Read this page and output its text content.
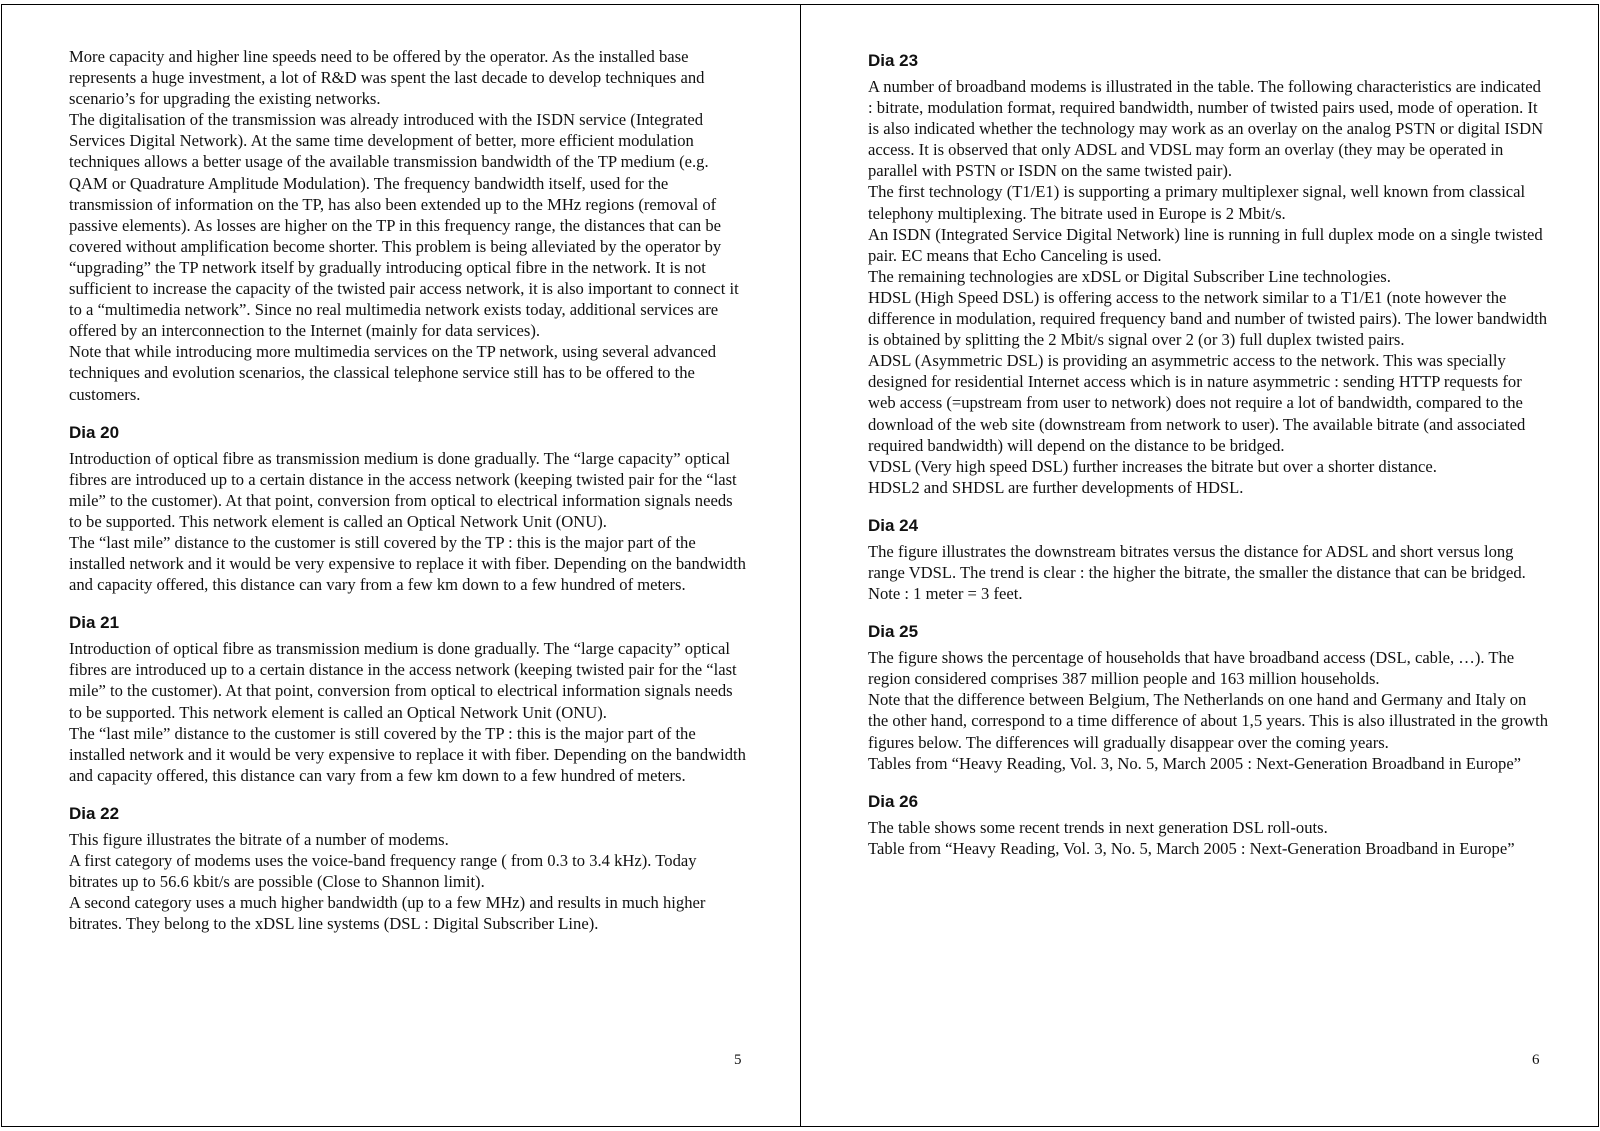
More capacity and higher line speeds need to be offered by the operator. As the installed base represents a huge investment, a lot of R&D was spent the last decade to develop techniques and scenario’s for upgrading the existing networks.

The digitalisation of the transmission was already introduced with the ISDN service (Integrated Services Digital Network). At the same time development of better, more efficient modulation techniques allows a better usage of the available transmission bandwidth of the TP medium (e.g. QAM or Quadrature Amplitude Modulation). The frequency bandwidth itself, used for the transmission of information on the TP, has also been extended up to the MHz regions (removal of passive elements). As losses are higher on the TP in this frequency range, the distances that can be covered without amplification become shorter. This problem is being alleviated by the operator by “upgrading” the TP network itself by gradually introducing optical fibre in the network. It is not sufficient to increase the capacity of the twisted pair access network, it is also important to connect it to a “multimedia network”. Since no real multimedia network exists today, additional services are offered by an interconnection to the Internet (mainly for data services).

Note that while introducing more multimedia services on the TP network, using several advanced techniques and evolution scenarios, the classical telephone service still has to be offered to the customers.

Dia 20

Introduction of optical fibre as transmission medium is done gradually. The “large capacity” optical fibres are introduced up to a certain distance in the access network (keeping twisted pair for the “last mile” to the customer). At that point, conversion from optical to electrical information signals needs to be supported. This network element is called an Optical Network Unit (ONU).

The “last mile” distance to the customer is still covered by the TP : this is the major part of the installed network and it would be very expensive to replace it with fiber. Depending on the bandwidth and capacity offered, this distance can vary from a few km down to a few hundred of meters.

Dia 21

Introduction of optical fibre as transmission medium is done gradually. The “large capacity” optical fibres are introduced up to a certain distance in the access network (keeping twisted pair for the “last mile” to the customer). At that point, conversion from optical to electrical information signals needs to be supported. This network element is called an Optical Network Unit (ONU).

The “last mile” distance to the customer is still covered by the TP : this is the major part of the installed network and it would be very expensive to replace it with fiber. Depending on the bandwidth and capacity offered, this distance can vary from a few km down to a few hundred of meters.

Dia 22

This figure illustrates the bitrate of a number of modems.

A first category of modems uses the voice-band frequency range ( from 0.3 to 3.4 kHz). Today bitrates up to 56.6 kbit/s are possible (Close to Shannon limit).

A second category uses a much higher bandwidth (up to a few MHz) and results in much higher bitrates. They belong to the xDSL line systems (DSL : Digital Subscriber Line).

5
Dia 23

A number of broadband modems is illustrated in the table. The following characteristics are indicated : bitrate, modulation format, required bandwidth, number of twisted pairs used, mode of operation. It is also indicated whether the technology may work as an overlay on the analog PSTN or digital ISDN access. It is observed that only ADSL and VDSL may form an overlay (they may be operated in parallel with PSTN or ISDN on the same twisted pair).

The first technology (T1/E1) is supporting a primary multiplexer signal, well known from classical telephony multiplexing. The bitrate used in Europe is 2 Mbit/s.

An ISDN (Integrated Service Digital Network) line is running in full duplex mode on a single twisted pair. EC means that Echo Canceling is used.

The remaining technologies are xDSL or Digital Subscriber Line technologies.

HDSL (High Speed DSL) is offering access to the network similar to a T1/E1 (note however the difference in modulation, required frequency band and number of twisted pairs). The lower bandwidth is obtained by splitting the 2 Mbit/s signal over 2 (or 3) full duplex twisted pairs.

ADSL (Asymmetric DSL) is providing an asymmetric access to the network. This was specially designed for residential Internet access which is in nature asymmetric : sending HTTP requests for web access (=upstream from user to network) does not require a lot of bandwidth, compared to the download of the web site (downstream from network to user). The available bitrate (and associated required bandwidth) will depend on the distance to be bridged.

VDSL (Very high speed DSL) further increases the bitrate but over a shorter distance.

HDSL2 and SHDSL are further developments of HDSL.

Dia 24

The figure illustrates the downstream bitrates versus the distance for ADSL and short versus long range VDSL. The trend is clear : the higher the bitrate, the smaller the distance that can be bridged. Note : 1 meter = 3 feet.

Dia 25

The figure shows the percentage of households that have broadband access (DSL, cable, …). The region considered comprises 387 million people and 163 million households.

Note that the difference between Belgium, The Netherlands on one hand and Germany and Italy on the other hand, correspond to a time difference of about 1,5 years. This is also illustrated in the growth figures below. The differences will gradually disappear over the coming years.

Tables from “Heavy Reading, Vol. 3, No. 5, March 2005 : Next-Generation Broadband in Europe”

Dia 26

The table shows some recent trends in next generation DSL roll-outs.

Table from “Heavy Reading, Vol. 3, No. 5, March 2005 : Next-Generation Broadband in Europe”

6
